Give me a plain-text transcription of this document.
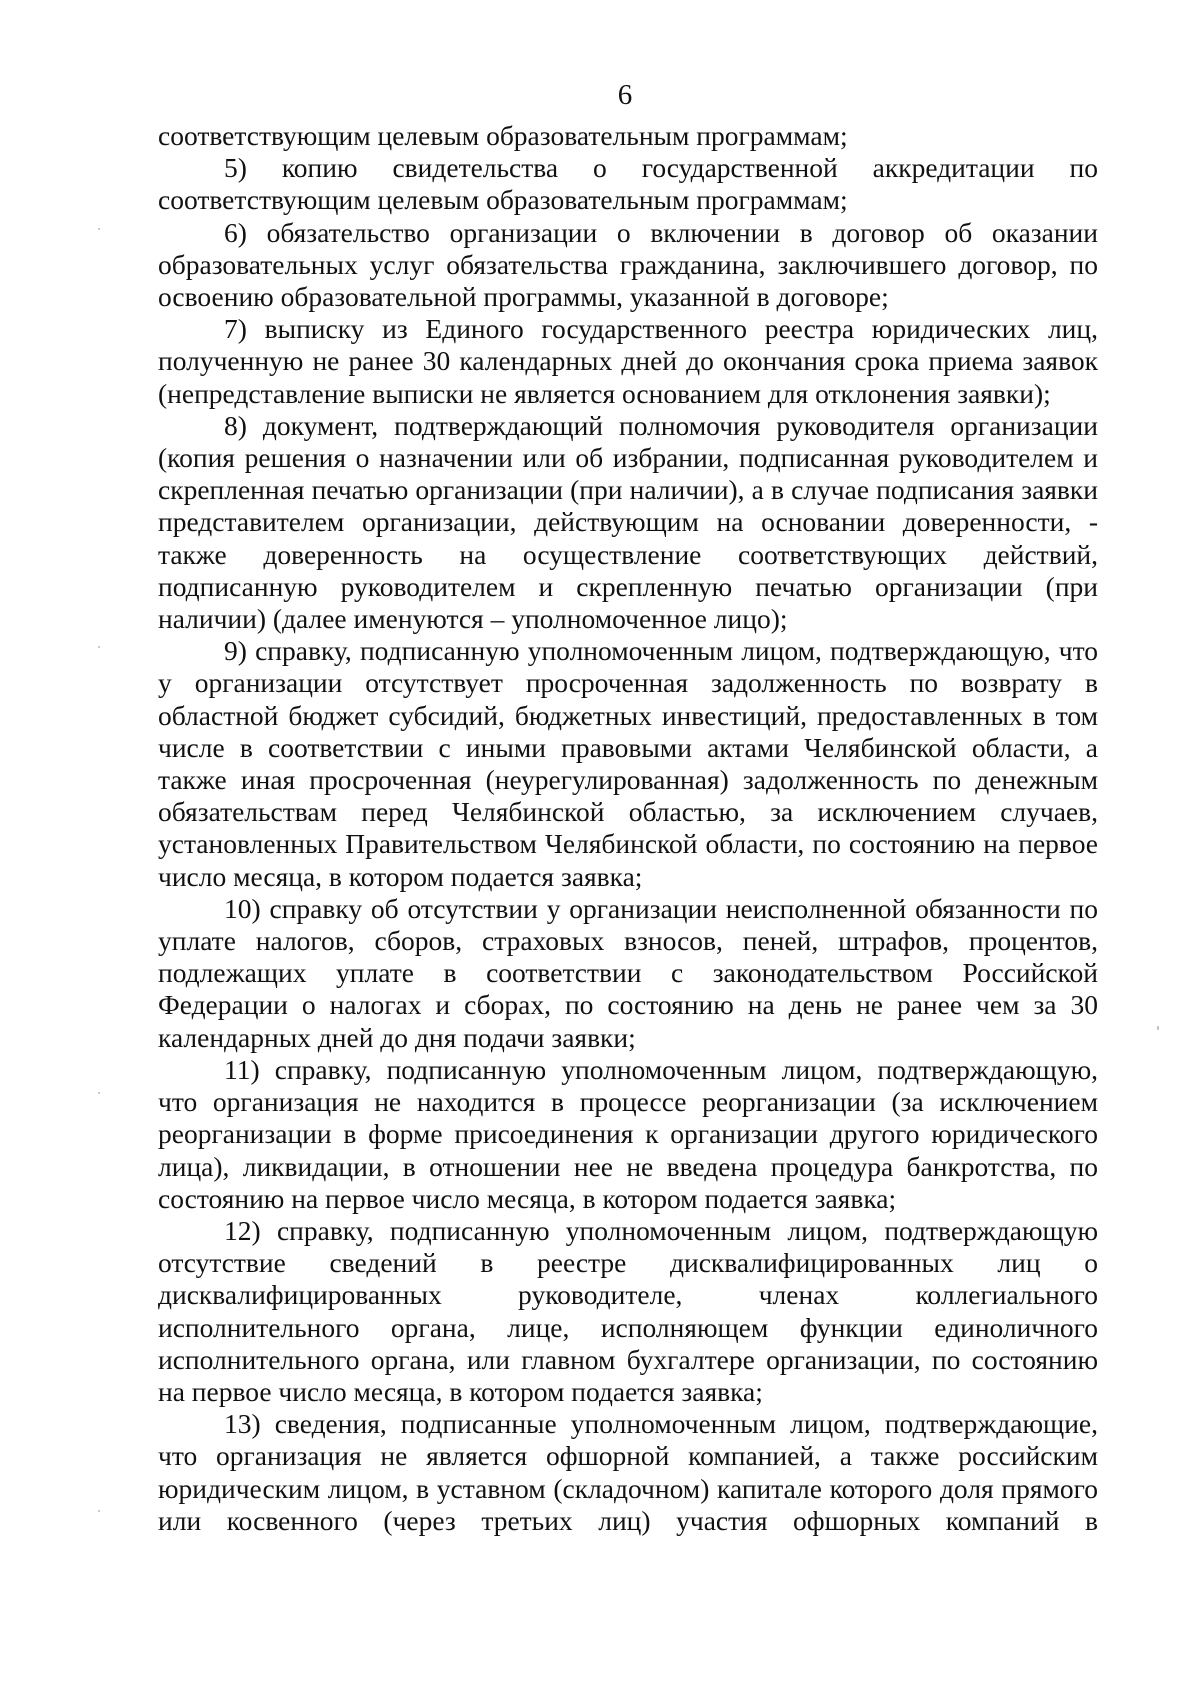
6

соответствующим целевым образовательным программам;

5) копию свидетельства о государственной аккредитации по соответствующим целевым образовательным программам;

6) обязательство организации о включении в договор об оказании образовательных услуг обязательства гражданина, заключившего договор, по освоению образовательной программы, указанной в договоре;

7) выписку из Единого государственного реестра юридических лиц, полученную не ранее 30 календарных дней до окончания срока приема заявок (непредставление выписки не является основанием для отклонения заявки);

8) документ, подтверждающий полномочия руководителя организации (копия решения о назначении или об избрании, подписанная руководителем и скрепленная печатью организации (при наличии), а в случае подписания заявки представителем организации, действующим на основании доверенности, - также доверенность на осуществление соответствующих действий, подписанную руководителем и скрепленную печатью организации (при наличии) (далее именуются – уполномоченное лицо);

9) справку, подписанную уполномоченным лицом, подтверждающую, что у организации отсутствует просроченная задолженность по возврату в областной бюджет субсидий, бюджетных инвестиций, предоставленных в том числе в соответствии с иными правовыми актами Челябинской области, а также иная просроченная (неурегулированная) задолженность по денежным обязательствам перед Челябинской областью, за исключением случаев, установленных Правительством Челябинской области, по состоянию на первое число месяца, в котором подается заявка;

10) справку об отсутствии у организации неисполненной обязанности по уплате налогов, сборов, страховых взносов, пеней, штрафов, процентов, подлежащих уплате в соответствии с законодательством Российской Федерации о налогах и сборах, по состоянию на день не ранее чем за 30 календарных дней до дня подачи заявки;

11) справку, подписанную уполномоченным лицом, подтверждающую, что организация не находится в процессе реорганизации (за исключением реорганизации в форме присоединения к организации другого юридического лица), ликвидации, в отношении нее не введена процедура банкротства, по состоянию на первое число месяца, в котором подается заявка;

12) справку, подписанную уполномоченным лицом, подтверждающую отсутствие сведений в реестре дисквалифицированных лиц о дисквалифицированных руководителе, членах коллегиального исполнительного органа, лице, исполняющем функции единоличного исполнительного органа, или главном бухгалтере организации, по состоянию на первое число месяца, в котором подается заявка;

13) сведения, подписанные уполномоченным лицом, подтверждающие, что организация не является офшорной компанией, а также российским юридическим лицом, в уставном (складочном) капитале которого доля прямого или косвенного (через третьих лиц) участия офшорных компаний в
